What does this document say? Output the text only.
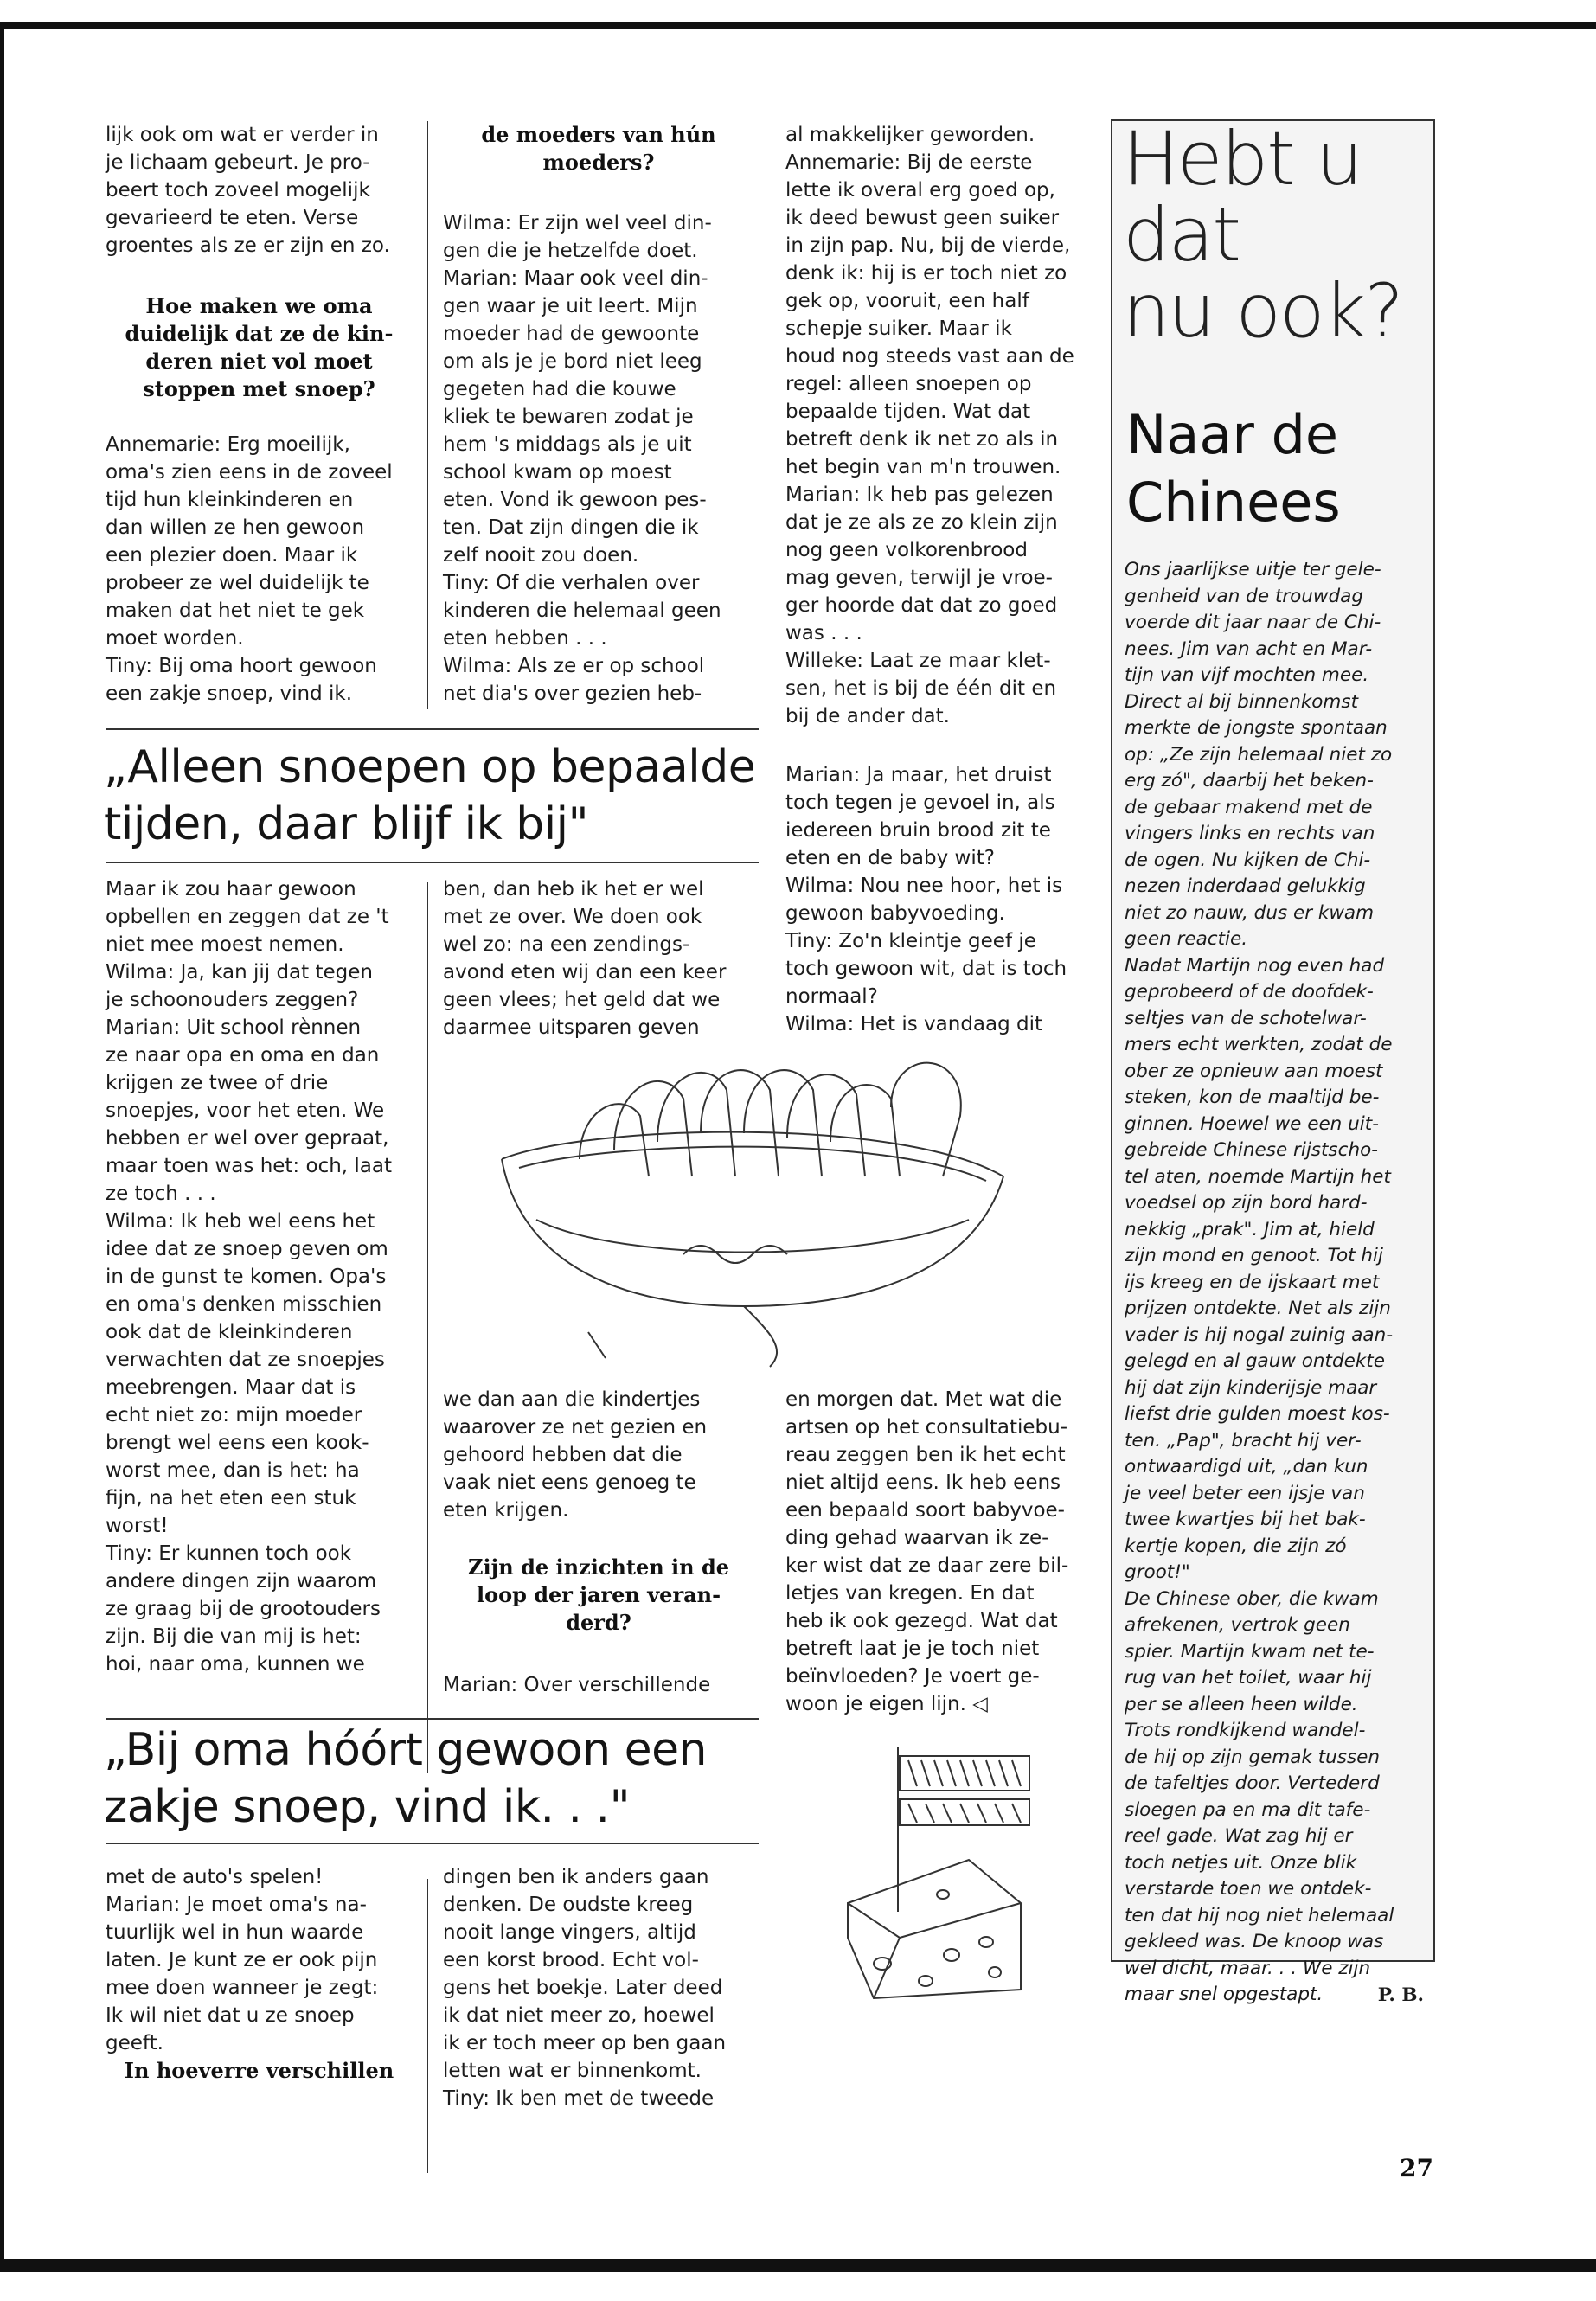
lijk ook om wat er verder in

je lichaam gebeurt. Je pro-

beert toch zoveel mogelijk

gevarieerd te eten. Verse

groentes als ze er zijn en zo.

Hoe maken we oma

duidelijk dat ze de kin-

deren niet vol moet

stoppen met snoep?

Annemarie: Erg moeilijk,

oma's zien eens in de zoveel

tijd hun kleinkinderen en

dan willen ze hen gewoon

een plezier doen. Maar ik

probeer ze wel duidelijk te

maken dat het niet te gek

moet worden.

Tiny: Bij oma hoort gewoon

een zakje snoep, vind ik.

de moeders van hún

moeders?

Wilma: Er zijn wel veel din-

gen die je hetzelfde doet.

Marian: Maar ook veel din-

gen waar je uit leert. Mijn

moeder had de gewoonte

om als je je bord niet leeg

gegeten had die kouwe

kliek te bewaren zodat je

hem 's middags als je uit

school kwam op moest

eten. Vond ik gewoon pes-

ten. Dat zijn dingen die ik

zelf nooit zou doen.

Tiny: Of die verhalen over

kinderen die helemaal geen

eten hebben . . .

Wilma: Als ze er op school

net dia's over gezien heb-

al makkelijker geworden.

Annemarie: Bij de eerste

lette ik overal erg goed op,

ik deed bewust geen suiker

in zijn pap. Nu, bij de vierde,

denk ik: hij is er toch niet zo

gek op, vooruit, een half

schepje suiker. Maar ik

houd nog steeds vast aan de

regel: alleen snoepen op

bepaalde tijden. Wat dat

betreft denk ik net zo als in

het begin van m'n trouwen.

Marian: Ik heb pas gelezen

dat je ze als ze zo klein zijn

nog geen volkorenbrood

mag geven, terwijl je vroe-

ger hoorde dat dat zo goed

was . . .

Willeke: Laat ze maar klet-

sen, het is bij de één dit en

bij de ander dat.

„Alleen snoepen op bepaalde

tijden, daar blijf ik bij"

Marian: Ja maar, het druist

toch tegen je gevoel in, als

iedereen bruin brood zit te

eten en de baby wit?

Wilma: Nou nee hoor, het is

gewoon babyvoeding.

Tiny: Zo'n kleintje geef je

toch gewoon wit, dat is toch

normaal?

Wilma: Het is vandaag dit

Maar ik zou haar gewoon

opbellen en zeggen dat ze 't

niet mee moest nemen.

Wilma: Ja, kan jij dat tegen

je schoonouders zeggen?

Marian: Uit school rènnen

ze naar opa en oma en dan

krijgen ze twee of drie

snoepjes, voor het eten. We

hebben er wel over gepraat,

maar toen was het: och, laat

ze toch . . .

Wilma: Ik heb wel eens het

idee dat ze snoep geven om

in de gunst te komen. Opa's

en oma's denken misschien

ook dat de kleinkinderen

verwachten dat ze snoepjes

meebrengen. Maar dat is

echt niet zo: mijn moeder

brengt wel eens een kook-

worst mee, dan is het: ha

fijn, na het eten een stuk

worst!

Tiny: Er kunnen toch ook

andere dingen zijn waarom

ze graag bij de grootouders

zijn. Bij die van mij is het:

hoi, naar oma, kunnen we

ben, dan heb ik het er wel

met ze over. We doen ook

wel zo: na een zendings-

avond eten wij dan een keer

geen vlees; het geld dat we

daarmee uitsparen geven

we dan aan die kindertjes

waarover ze net gezien en

gehoord hebben dat die

vaak niet eens genoeg te

eten krijgen.

Zijn de inzichten in de

loop der jaren veran-

derd?

Marian: Over verschillende

en morgen dat. Met wat die

artsen op het consultatiebu-

reau zeggen ben ik het echt

niet altijd eens. Ik heb eens

een bepaald soort babyvoe-

ding gehad waarvan ik ze-

ker wist dat ze daar zere bil-

letjes van kregen. En dat

heb ik ook gezegd. Wat dat

betreft laat je je toch niet

beïnvloeden? Je voert ge-

woon je eigen lijn. ◁

„Bij oma hóórt gewoon een

zakje snoep, vind ik. . ."

met de auto's spelen!

Marian: Je moet oma's na-

tuurlijk wel in hun waarde

laten. Je kunt ze er ook pijn

mee doen wanneer je zegt:

Ik wil niet dat u ze snoep

geeft.

In hoeverre verschillen

dingen ben ik anders gaan

denken. De oudste kreeg

nooit lange vingers, altijd

een korst brood. Echt vol-

gens het boekje. Later deed

ik dat niet meer zo, hoewel

ik er toch meer op ben gaan

letten wat er binnenkomt.

Tiny: Ik ben met de tweede

Hebt u

dat

nu ook?

Naar de

Chinees

Ons jaarlijkse uitje ter gele-

genheid van de trouwdag

voerde dit jaar naar de Chi-

nees. Jim van acht en Mar-

tijn van vijf mochten mee.

Direct al bij binnenkomst

merkte de jongste spontaan

op: „Ze zijn helemaal niet zo

erg zó", daarbij het beken-

de gebaar makend met de

vingers links en rechts van

de ogen. Nu kijken de Chi-

nezen inderdaad gelukkig

niet zo nauw, dus er kwam

geen reactie.

Nadat Martijn nog even had

geprobeerd of de doofdek-

seltjes van de schotelwar-

mers echt werkten, zodat de

ober ze opnieuw aan moest

steken, kon de maaltijd be-

ginnen. Hoewel we een uit-

gebreide Chinese rijstscho-

tel aten, noemde Martijn het

voedsel op zijn bord hard-

nekkig „prak". Jim at, hield

zijn mond en genoot. Tot hij

ijs kreeg en de ijskaart met

prijzen ontdekte. Net als zijn

vader is hij nogal zuinig aan-

gelegd en al gauw ontdekte

hij dat zijn kinderijsje maar

liefst drie gulden moest kos-

ten. „Pap", bracht hij ver-

ontwaardigd uit, „dan kun

je veel beter een ijsje van

twee kwartjes bij het bak-

kertje kopen, die zijn zó

groot!"

De Chinese ober, die kwam

afrekenen, vertrok geen

spier. Martijn kwam net te-

rug van het toilet, waar hij

per se alleen heen wilde.

Trots rondkijkend wandel-

de hij op zijn gemak tussen

de tafeltjes door. Vertederd

sloegen pa en ma dit tafe-

reel gade. Wat zag hij er

toch netjes uit. Onze blik

verstarde toen we ontdek-

ten dat hij nog niet helemaal

gekleed was. De knoop was

wel dicht, maar. . . We zijn

maar snel opgestapt.	P. B.
27
